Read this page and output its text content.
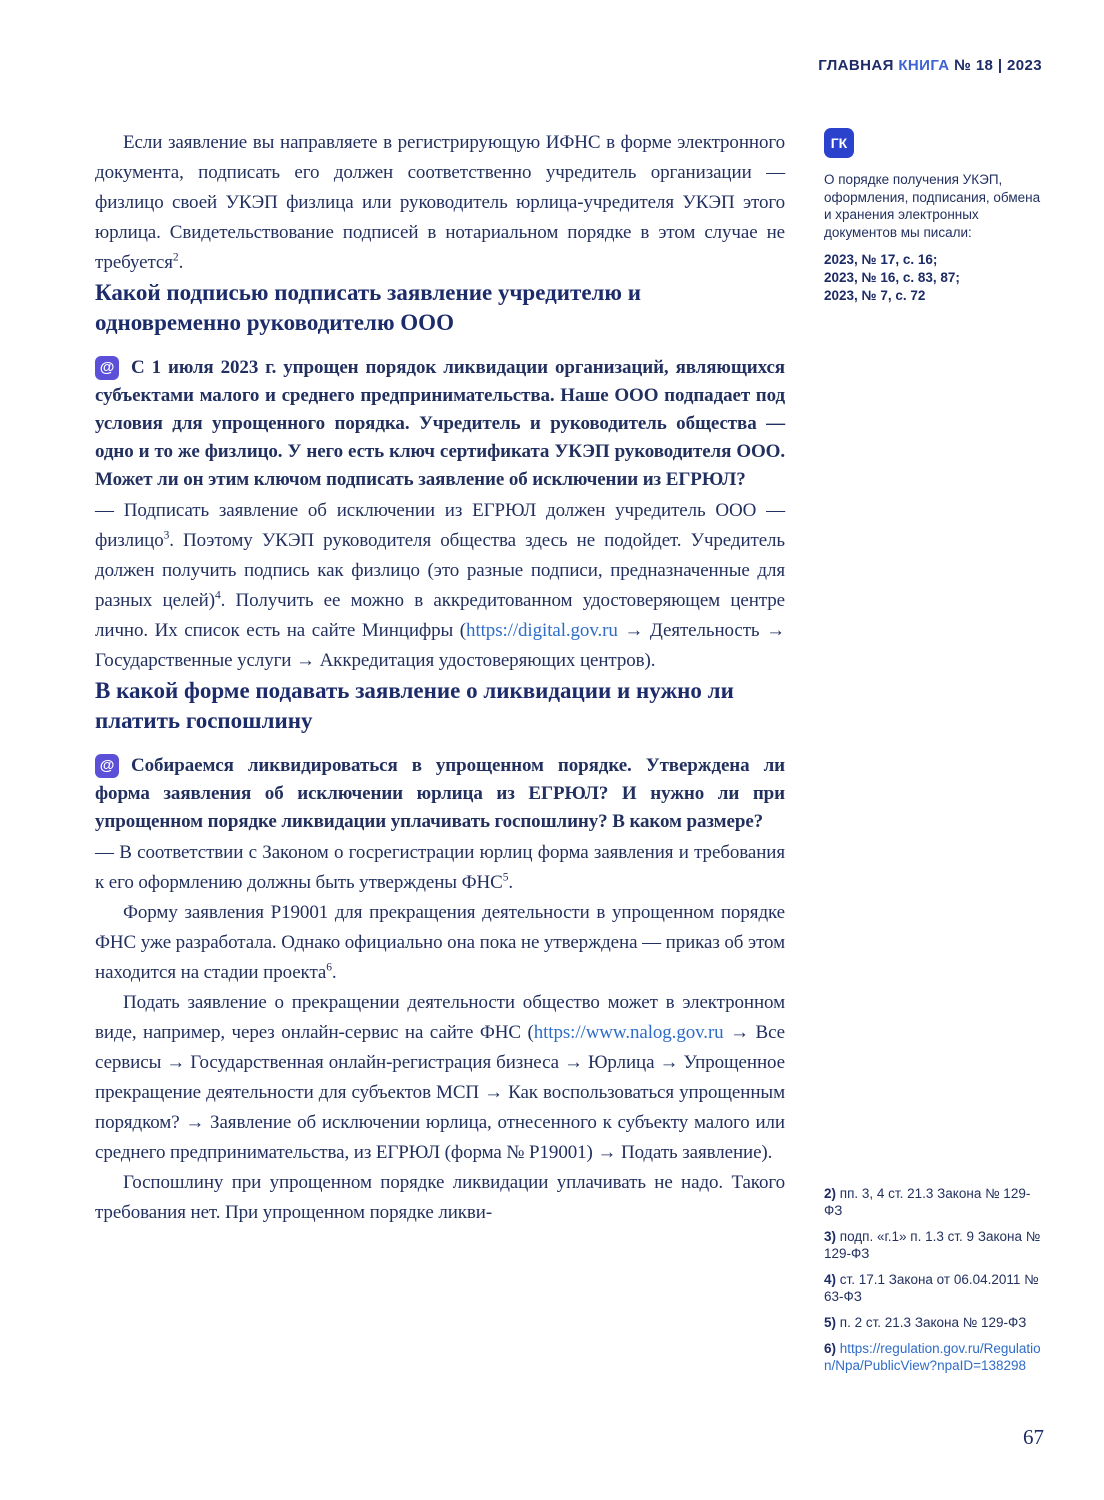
ГЛАВНАЯ КНИГА № 18 | 2023

Если заявление вы направляете в регистрирующую ИФНС в форме электронного документа, подписать его должен соответственно учредитель организации — физлицо своей УКЭП физлица или руководитель юрлица-учредителя УКЭП этого юрлица. Свидетельствование подписей в нотариальном порядке в этом случае не требуется$^2$.

Какой подписью подписать заявление учредителю и одновременно руководителю ООО

@ С 1 июля 2023 г. упрощен порядок ликвидации организаций, являющихся субъектами малого и среднего предпринимательства. Наше ООО подпадает под условия для упрощенного порядка. Учредитель и руководитель общества — одно и то же физлицо. У него есть ключ сертификата УКЭП руководителя ООО. Может ли он этим ключом подписать заявление об исключении из ЕГРЮЛ?

— Подписать заявление об исключении из ЕГРЮЛ должен учредитель ООО — физлицо$^3$. Поэтому УКЭП руководителя общества здесь не подойдет. Учредитель должен получить подпись как физлицо (это разные подписи, предназначенные для разных целей)$^4$. Получить ее можно в аккредитованном удостоверяющем центре лично. Их список есть на сайте Минцифры (https://digital.gov.ru → Деятельность → Государственные услуги → Аккредитация удостоверяющих центров).

В какой форме подавать заявление о ликвидации и нужно ли платить госпошлину

@ Собираемся ликвидироваться в упрощенном порядке. Утверждена ли форма заявления об исключении юрлица из ЕГРЮЛ? И нужно ли при упрощенном порядке ликвидации уплачивать госпошлину? В каком размере?

— В соответствии с Законом о госрегистрации юрлиц форма заявления и требования к его оформлению должны быть утверждены ФНС$^5$.

Форму заявления Р19001 для прекращения деятельности в упрощенном порядке ФНС уже разработала. Однако официально она пока не утверждена — приказ об этом находится на стадии проекта$^6$.

Подать заявление о прекращении деятельности общество может в электронном виде, например, через онлайн-сервис на сайте ФНС (https://www.nalog.gov.ru → Все сервисы → Государственная онлайн-регистрация бизнеса → Юрлица → Упрощенное прекращение деятельности для субъектов МСП → Как воспользоваться упрощенным порядком? → Заявление об исключении юрлица, отнесенного к субъекту малого или среднего предпринимательства, из ЕГРЮЛ (форма № Р19001) → Подать заявление).

Госпошлину при упрощенном порядке ликвидации уплачивать не надо. Такого требования нет. При упрощенном порядке ликви-

ГК
О порядке получения УКЭП, оформления, подписания, обмена и хранения электронных документов мы писали:
2023, № 17, с. 16;
2023, № 16, с. 83, 87;
2023, № 7, с. 72
2) пп. 3, 4 ст. 21.3 Закона № 129-ФЗ
3) подп. «г.1» п. 1.3 ст. 9 Закона № 129-ФЗ
4) ст. 17.1 Закона от 06.04.2011 № 63-ФЗ
5) п. 2 ст. 21.3 Закона № 129-ФЗ
6) https://regulation.gov.ru/Regulation/Npa/PublicView?npaID=138298
67
